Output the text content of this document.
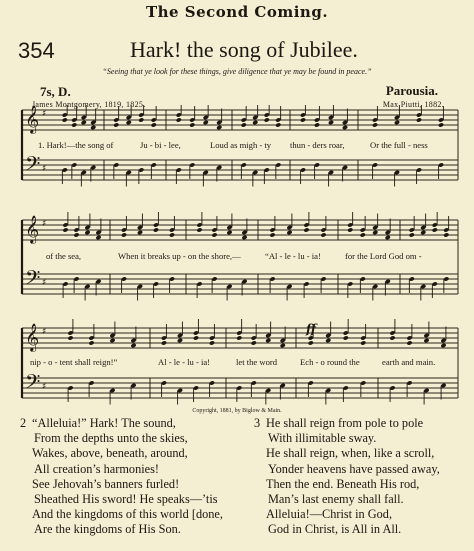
The Second Coming.
354	Hark! the song of Jubilee.
“Seeing that ye look for these things, give diligence that ye may be found in peace.”
7s, D.	Parousia.
James Montgomery, 1819, 1825.	Max Piutti, 1882.
𝄞
𝄢
♯
♯
1. Hark!—the song of	Ju - bi - lee,	Loud as migh - ty thun - ders roar,	Or the full - ness
𝄞
𝄢
♯
♯
of the sea,	When it breaks up - on the shore,—	“Al - le - lu - ia!	for the Lord God om -
𝄞
𝄢
♯
♯
ff
nip - o - tent shall reign!”	Al - le - lu - ia!	let the word	Ech - o round the	earth and main.
Copyright, 1881, by Biglow & Main.
2 “Alleluia!” Hark! The sound,
From the depths unto the skies,
Wakes, above, beneath, around,
All creation’s harmonies!
See Jehovah’s banners furled!
Sheathed His sword! He speaks—’tis
And the kingdoms of this world [done,
Are the kingdoms of His Son.
3 He shall reign from pole to pole
With illimitable sway.
He shall reign, when, like a scroll,
Yonder heavens have passed away,
Then the end. Beneath His rod,
Man’s last enemy shall fall.
Alleluia!—Christ in God,
God in Christ, is All in All.
